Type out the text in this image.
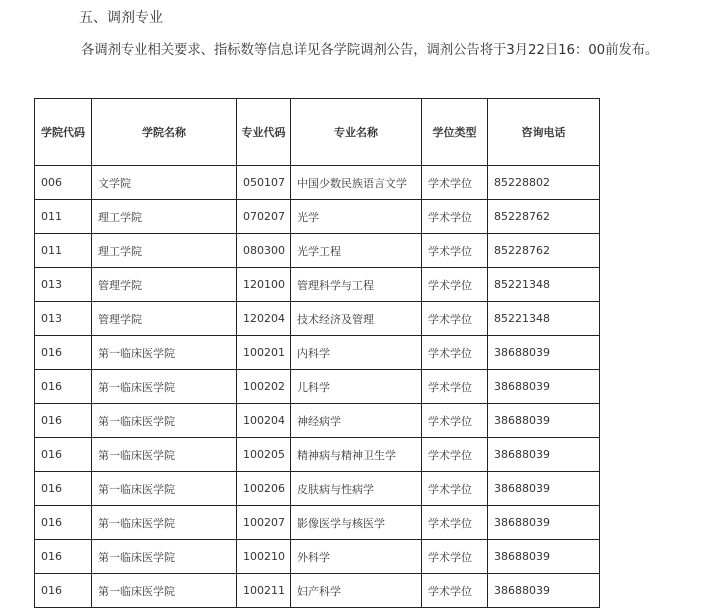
五、调剂专业
各调剂专业相关要求、指标数等信息详见各学院调剂公告，调剂公告将于3月22日16：00前发布。
学院代码	学院名称	专业代码	专业名称	学位类型	咨询电话
006	文学院	050107	中国少数民族语言文学	学术学位	85228802
011	理工学院	070207	光学	学术学位	85228762
011	理工学院	080300	光学工程	学术学位	85228762
013	管理学院	120100	管理科学与工程	学术学位	85221348
013	管理学院	120204	技术经济及管理	学术学位	85221348
016	第一临床医学院	100201	内科学	学术学位	38688039
016	第一临床医学院	100202	儿科学	学术学位	38688039
016	第一临床医学院	100204	神经病学	学术学位	38688039
016	第一临床医学院	100205	精神病与精神卫生学	学术学位	38688039
016	第一临床医学院	100206	皮肤病与性病学	学术学位	38688039
016	第一临床医学院	100207	影像医学与核医学	学术学位	38688039
016	第一临床医学院	100210	外科学	学术学位	38688039
016	第一临床医学院	100211	妇产科学	学术学位	38688039
